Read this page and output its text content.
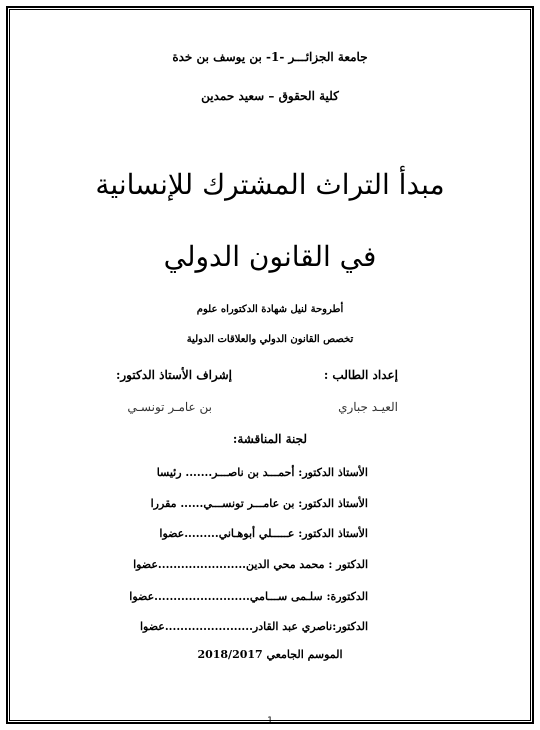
جامعة الجزائـــر -1- بن يوسف بن خدة
كلية الحقوق – سعيد حمدين
مبدأ التراث المشترك للإنسانية
في القانون الدولي
أطروحة لنيل شهادة الدكتوراه علوم
تخصص القانون الدولي والعلاقات الدولية
إعداد الطالب :
إشراف الأستاذ الدكتور:
العيـد جباري
بن عامـر تونسـي
لجنة المناقشة:
الأستاذ الدكتور: أحمـــد بن ناصـــر....... رئيسا
الأستاذ الدكتور: بن عامـــر تونســـي...... مقررا
الأستاذ الدكتور: عـــــلي أبوهـاني.........عضوا
الدكتور : محمد محي الدين.......................عضوا
الدكتورة: سلـمى ســـامي.........................عضوا
الدكتور:ناصري عبد القادر.......................عضوا
الموسم الجامعي 2018/2017
1
